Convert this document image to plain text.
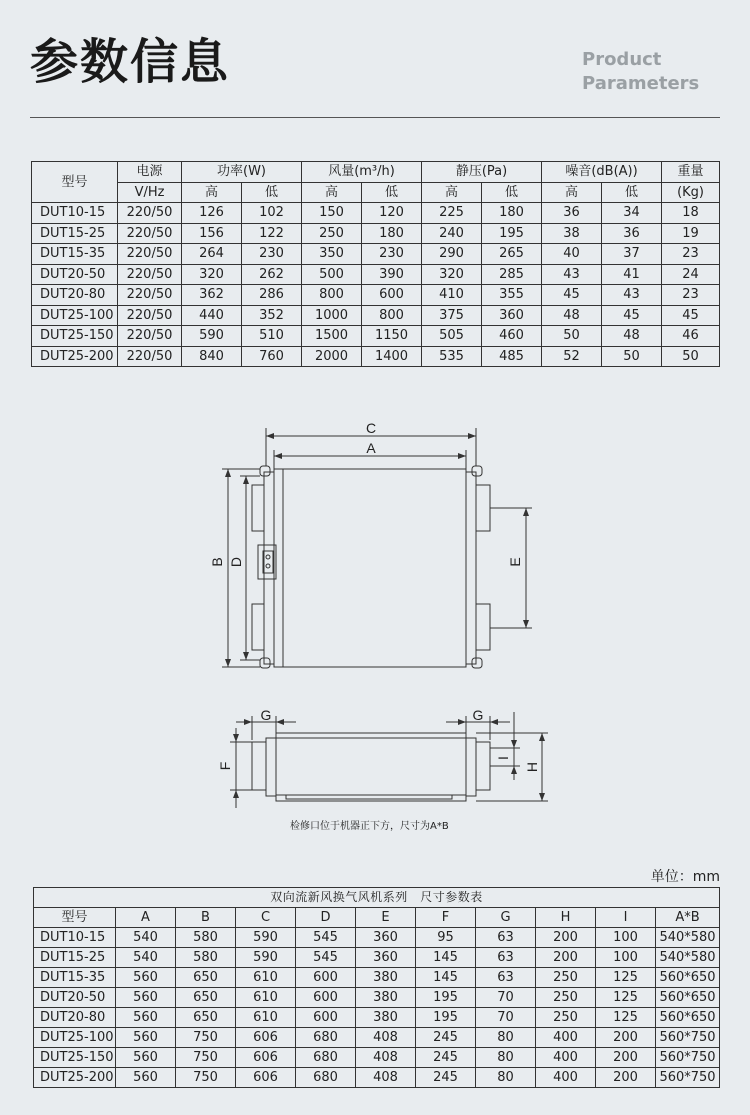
参数信息	Product
Parameters
型号	电源	功率(W)		风量(m³/h)		静压(Pa)		噪音(dB(A))		重量
	V/Hz	高	低	高	低	高	低	高	低	(Kg)
DUT10-15	220/50	126	102	150	120	225	180	36	34	18
DUT15-25	220/50	156	122	250	180	240	195	38	36	19
DUT15-35	220/50	264	230	350	230	290	265	40	37	23
DUT20-50	220/50	320	262	500	390	320	285	43	41	24
DUT20-80	220/50	362	286	800	600	410	355	45	43	23
DUT25-100	220/50	440	352	1000	800	375	360	48	45	45
DUT25-150	220/50	590	510	1500	1150	505	460	50	48	46
DUT25-200	220/50	840	760	2000	1400	535	485	52	50	50
C
A
B D	E
G	G
F
I
H
检修口位于机器正下方，尺寸为A*B
单位：mm
双向流新风换气风机系列　尺寸参数表										
型号	A	B	C	D	E	F	G	H	I	A*B
DUT10-15	540	580	590	545	360	95	63	200	100	540*580
DUT15-25	540	580	590	545	360	145	63	200	100	540*580
DUT15-35	560	650	610	600	380	145	63	250	125	560*650
DUT20-50	560	650	610	600	380	195	70	250	125	560*650
DUT20-80	560	650	610	600	380	195	70	250	125	560*650
DUT25-100	560	750	606	680	408	245	80	400	200	560*750
DUT25-150	560	750	606	680	408	245	80	400	200	560*750
DUT25-200	560	750	606	680	408	245	80	400	200	560*750
